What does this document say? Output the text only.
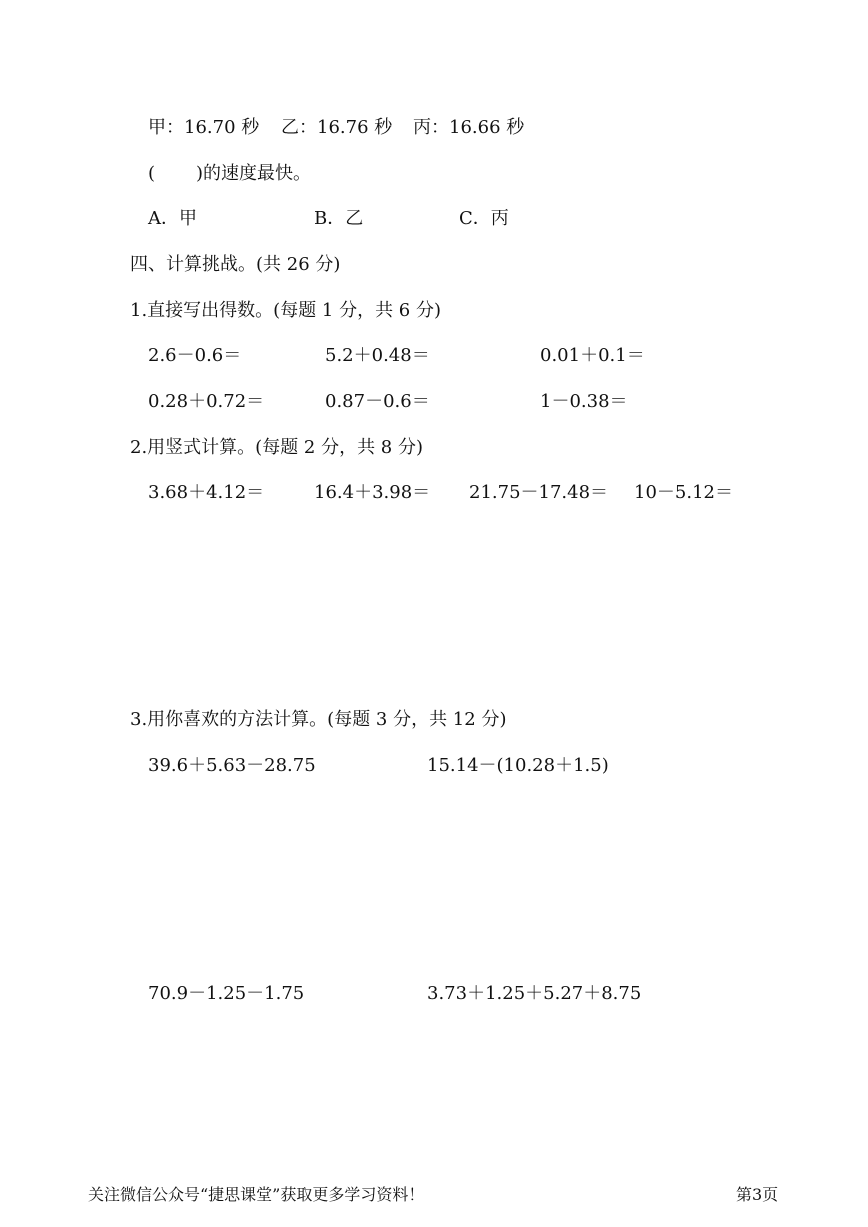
甲：16.70 秒 乙：16.76 秒 丙：16.66 秒
( )的速度最快。
A．甲	B．乙	C．丙
四、计算挑战。(共 26 分)
1.直接写出得数。(每题 1 分，共 6 分)
2.6－0.6＝	5.2＋0.48＝	0.01＋0.1＝
0.28＋0.72＝	0.87－0.6＝	1－0.38＝
2.用竖式计算。(每题 2 分，共 8 分)
3.68＋4.12＝	16.4＋3.98＝ 21.75－17.48＝ 10－5.12＝
3.用你喜欢的方法计算。(每题 3 分，共 12 分)
39.6＋5.63－28.75	15.14－(10.28＋1.5)
70.9－1.25－1.75	3.73＋1.25＋5.27＋8.75
关注微信公众号“捷思课堂”获取更多学习资料！	第3页
